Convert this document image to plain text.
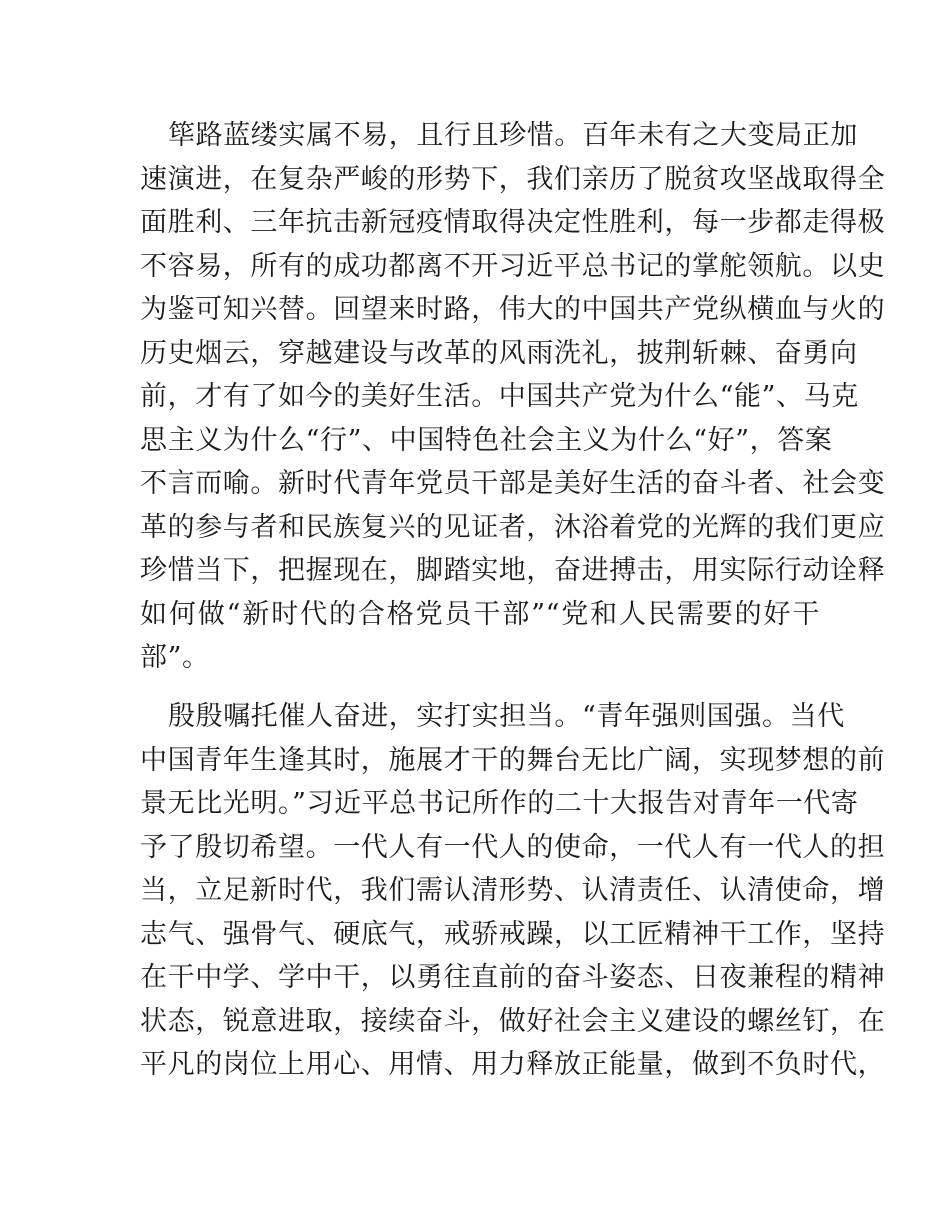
筚路蓝缕实属不易，且行且珍惜。百年未有之大变局正加
速演进，在复杂严峻的形势下，我们亲历了脱贫攻坚战取得全
面胜利、三年抗击新冠疫情取得决定性胜利，每一步都走得极
不容易，所有的成功都离不开习近平总书记的掌舵领航。以史
为鉴可知兴替。回望来时路，伟大的中国共产党纵横血与火的
历史烟云，穿越建设与改革的风雨洗礼，披荆斩棘、奋勇向
前，才有了如今的美好生活。中国共产党为什么“能”、马克
思主义为什么“行”、中国特色社会主义为什么“好”，答案
不言而喻。新时代青年党员干部是美好生活的奋斗者、社会变
革的参与者和民族复兴的见证者，沐浴着党的光辉的我们更应
珍惜当下，把握现在，脚踏实地，奋进搏击，用实际行动诠释
如何做“新时代的合格党员干部”“党和人民需要的好干
部”。
殷殷嘱托催人奋进，实打实担当。“青年强则国强。当代
中国青年生逢其时，施展才干的舞台无比广阔，实现梦想的前
景无比光明。”习近平总书记所作的二十大报告对青年一代寄
予了殷切希望。一代人有一代人的使命，一代人有一代人的担
当，立足新时代，我们需认清形势、认清责任、认清使命，增
志气、强骨气、硬底气，戒骄戒躁，以工匠精神干工作，坚持
在干中学、学中干，以勇往直前的奋斗姿态、日夜兼程的精神
状态，锐意进取，接续奋斗，做好社会主义建设的螺丝钉，在
平凡的岗位上用心、用情、用力释放正能量，做到不负时代，
